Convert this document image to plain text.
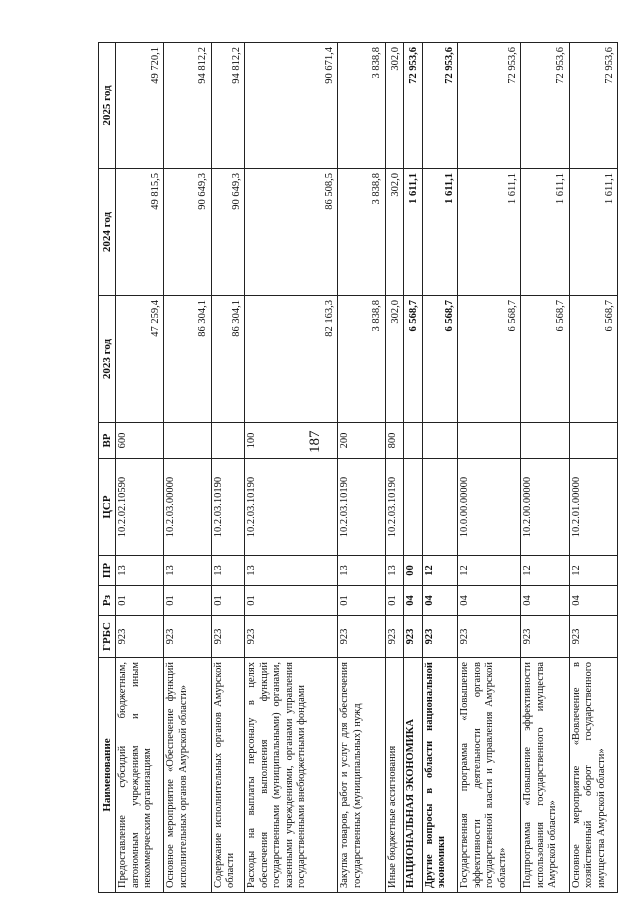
187
Наименование	ГРБС	Рз	ПР	ЦСР	ВР	2023 год	2024 год	2025 год
Предоставление субсидий бюджетным, автономным учреждениям и иным некоммерческим организациям	923	01	13	10.2.02.10590	600	47 259,4	49 815,5	49 720,1
Основное мероприятие «Обеспечение функций исполнительных органов Амурской области»	923	01	13	10.2.03.00000		86 304,1	90 649,3	94 812,2
Содержание исполнительных органов Амурской области	923	01	13	10.2.03.10190		86 304,1	90 649,3	94 812,2
Расходы на выплаты персоналу в целях обеспечения выполнения функций государственными (муниципальными) органами, казенными учреждениями, органами управления государственными внебюджетными фондами	923	01	13	10.2.03.10190	100	82 163,3	86 508,5	90 671,4
Закупка товаров, работ и услуг для обеспечения государственных (муниципальных) нужд	923	01	13	10.2.03.10190	200	3 838,8	3 838,8	3 838,8
Иные бюджетные ассигнования	923	01	13	10.2.03.10190	800	302,0	302,0	302,0
НАЦИОНАЛЬНАЯ ЭКОНОМИКА	923	04	00			6 568,7	1 611,1	72 953,6
Другие вопросы в области национальной экономики	923	04	12			6 568,7	1 611,1	72 953,6
Государственная программа «Повышение эффективности деятельности органов государственной власти и управления Амурской области»	923	04	12	10.0.00.00000		6 568,7	1 611,1	72 953,6
Подпрограмма «Повышение эффективности использования государственного имущества Амурской области»	923	04	12	10.2.00.00000		6 568,7	1 611,1	72 953,6
Основное мероприятие «Вовлечение в хозяйственный оборот государственного имущества Амурской области»	923	04	12	10.2.01.00000		6 568,7	1 611,1	72 953,6
